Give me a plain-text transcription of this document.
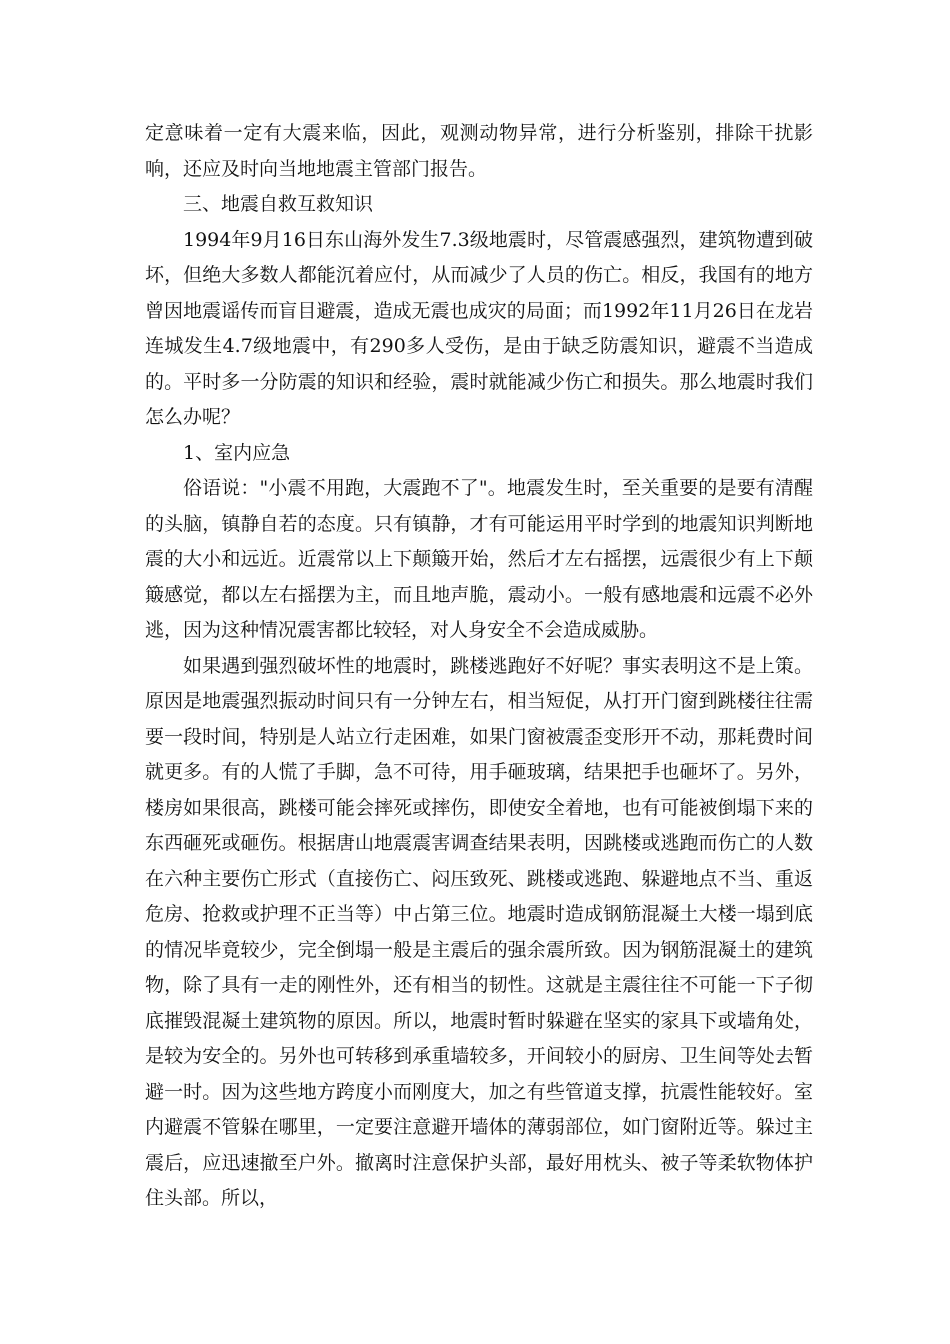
定意味着一定有大震来临，因此，观测动物异常，进行分析鉴别，排除干扰影响，还应及时向当地地震主管部门报告。

三、地震自救互救知识

1994年9月16日东山海外发生7.3级地震时，尽管震感强烈，建筑物遭到破坏，但绝大多数人都能沉着应付，从而减少了人员的伤亡。相反，我国有的地方曾因地震谣传而盲目避震，造成无震也成灾的局面；而1992年11月26日在龙岩连城发生4.7级地震中，有290多人受伤，是由于缺乏防震知识，避震不当造成的。平时多一分防震的知识和经验，震时就能减少伤亡和损失。那么地震时我们怎么办呢？

1、室内应急

俗语说："小震不用跑，大震跑不了"。地震发生时，至关重要的是要有清醒的头脑，镇静自若的态度。只有镇静，才有可能运用平时学到的地震知识判断地震的大小和远近。近震常以上下颠簸开始，然后才左右摇摆，远震很少有上下颠簸感觉，都以左右摇摆为主，而且地声脆，震动小。一般有感地震和远震不必外逃，因为这种情况震害都比较轻，对人身安全不会造成威胁。

如果遇到强烈破坏性的地震时，跳楼逃跑好不好呢？事实表明这不是上策。原因是地震强烈振动时间只有一分钟左右，相当短促，从打开门窗到跳楼往往需要一段时间，特别是人站立行走困难，如果门窗被震歪变形开不动，那耗费时间就更多。有的人慌了手脚，急不可待，用手砸玻璃，结果把手也砸坏了。另外，楼房如果很高，跳楼可能会摔死或摔伤，即使安全着地，也有可能被倒塌下来的东西砸死或砸伤。根据唐山地震震害调查结果表明，因跳楼或逃跑而伤亡的人数在六种主要伤亡形式（直接伤亡、闷压致死、跳楼或逃跑、躲避地点不当、重返危房、抢救或护理不正当等）中占第三位。地震时造成钢筋混凝土大楼一塌到底的情况毕竟较少，完全倒塌一般是主震后的强余震所致。因为钢筋混凝土的建筑物，除了具有一走的刚性外，还有相当的韧性。这就是主震往往不可能一下子彻底摧毁混凝土建筑物的原因。所以，地震时暂时躲避在坚实的家具下或墙角处，是较为安全的。另外也可转移到承重墙较多，开间较小的厨房、卫生间等处去暂避一时。因为这些地方跨度小而刚度大，加之有些管道支撑，抗震性能较好。室内避震不管躲在哪里，一定要注意避开墙体的薄弱部位，如门窗附近等。躲过主震后，应迅速撤至户外。撤离时注意保护头部，最好用枕头、被子等柔软物体护住头部。所以，
